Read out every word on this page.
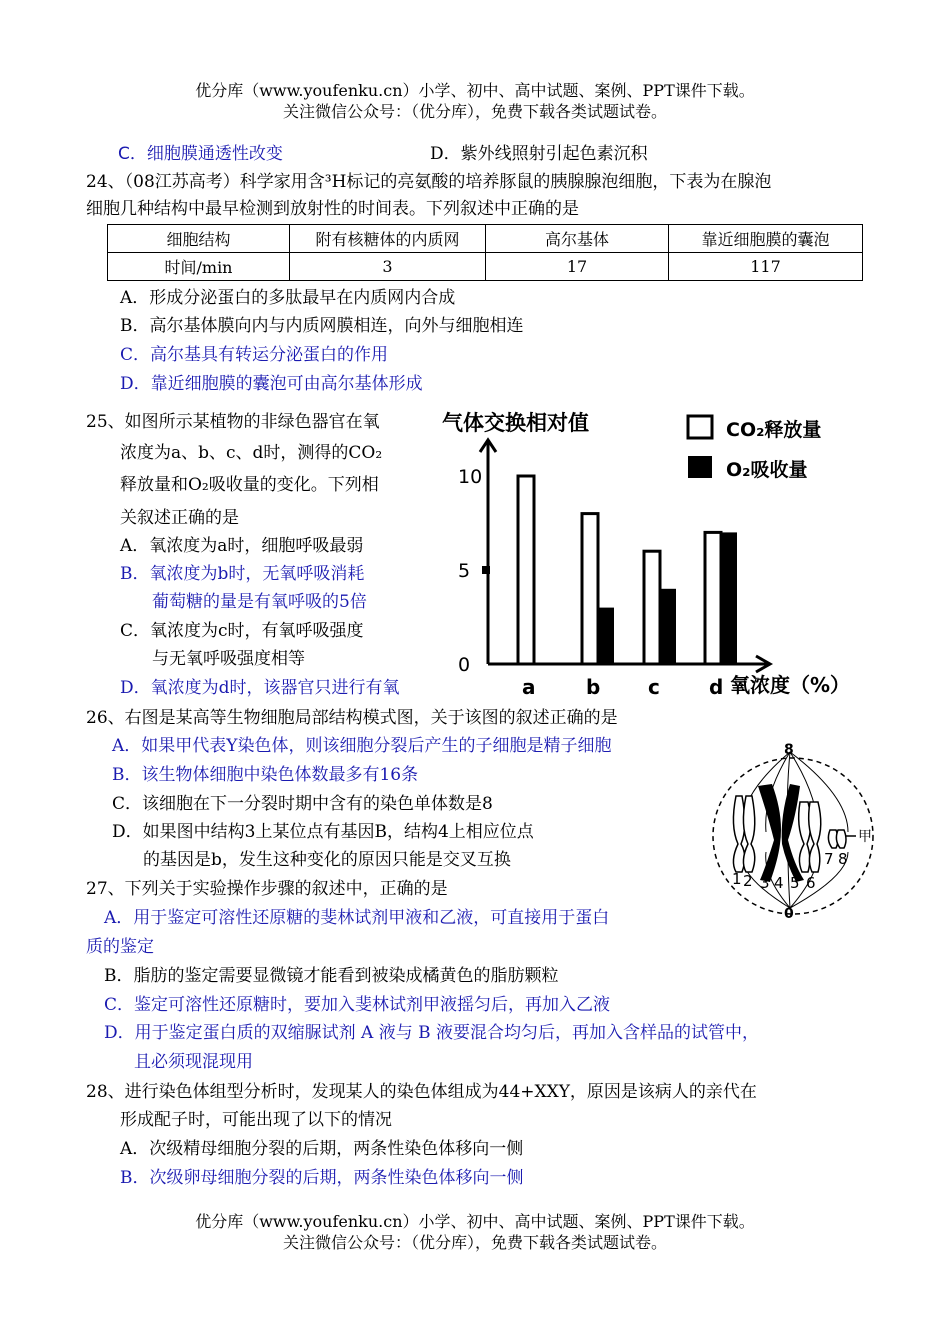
优分库（www.youfenku.cn）小学、初中、高中试题、案例、PPT课件下载。
关注微信公众号：（优分库），免费下载各类试题试卷。
C．细胞膜通透性改变	D．紫外线照射引起色素沉积
24、（08江苏高考）科学家用含³H标记的亮氨酸的培养豚鼠的胰腺腺泡细胞，下表为在腺泡
细胞几种结构中最早检测到放射性的时间表。下列叙述中正确的是
细胞结构	附有核糖体的内质网	高尔基体	靠近细胞膜的囊泡
时间/min	3	17	117
A．形成分泌蛋白的多肽最早在内质网内合成
B．高尔基体膜向内与内质网膜相连，向外与细胞相连
C．高尔基具有转运分泌蛋白的作用
D．靠近细胞膜的囊泡可由高尔基体形成
25、如图所示某植物的非绿色器官在氧
浓度为a、b、c、d时，测得的CO₂
释放量和O₂吸收量的变化。下列相
关叙述正确的是
A．氧浓度为a时，细胞呼吸最弱
B．氧浓度为b时，无氧呼吸消耗
葡萄糖的量是有氧呼吸的5倍
C．氧浓度为c时，有氧呼吸强度
与无氧呼吸强度相等
D．氧浓度为d时，该器官只进行有氧
气体交换相对值	CO₂释放量
O₂吸收量
0
5
10
a	b c d 氧浓度（%）
26、右图是某高等生物细胞局部结构模式图，关于该图的叙述正确的是
A．如果甲代表Y染色体，则该细胞分裂后产生的子细胞是精子细胞
B．该生物体细胞中染色体数最多有16条
C．该细胞在下一分裂时期中含有的染色单体数是8
D．如果图中结构3上某位点有基因B，结构4上相应位点
的基因是b，发生这种变化的原因只能是交叉互换
8
0
甲
1 2 3 4 5 6
7 8
27、下列关于实验操作步骤的叙述中，正确的是
A．用于鉴定可溶性还原糖的斐林试剂甲液和乙液，可直接用于蛋白
质的鉴定
B．脂肪的鉴定需要显微镜才能看到被染成橘黄色的脂肪颗粒
C．鉴定可溶性还原糖时，要加入斐林试剂甲液摇匀后，再加入乙液
D．用于鉴定蛋白质的双缩脲试剂 A 液与 B 液要混合均匀后，再加入含样品的试管中，
且必须现混现用
28、进行染色体组型分析时，发现某人的染色体组成为44+XXY，原因是该病人的亲代在
形成配子时，可能出现了以下的情况
A．次级精母细胞分裂的后期，两条性染色体移向一侧
B．次级卵母细胞分裂的后期，两条性染色体移向一侧
优分库（www.youfenku.cn）小学、初中、高中试题、案例、PPT课件下载。
关注微信公众号：（优分库），免费下载各类试题试卷。
